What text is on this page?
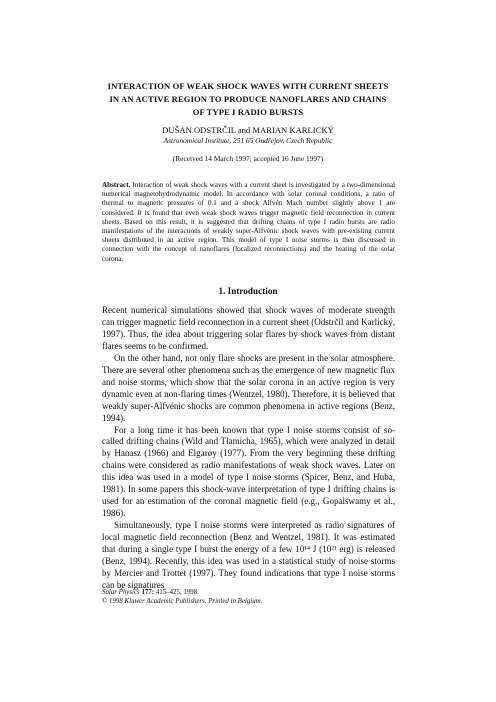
INTERACTION OF WEAK SHOCK WAVES WITH CURRENT SHEETS
IN AN ACTIVE REGION TO PRODUCE NANOFLARES AND CHAINS
OF TYPE I RADIO BURSTS
DUŠAN ODSTRČIL and MARIAN KARLICKÝ
Astronomical Institute, 251 65 Ondřejov, Czech Republic
(Received 14 March 1997; accepted 16 June 1997)
Abstract. Interaction of weak shock waves with a current sheet is investigated by a two-dimensional numerical magnetohydrodynamic model. In accordance with solar coronal conditions, a ratio of thermal to magnetic pressures of 0.1 and a shock Alfvén Mach number slightly above 1 are considered. It is found that even weak shock waves trigger magnetic field reconnection in current sheets. Based on this result, it is suggested that drifting chains of type I radio bursts are radio manifestations of the interactions of weakly super-Alfvénic shock waves with pre-existing current sheets distributed in an active region. This model of type I noise storms is then discussed in connection with the concept of nanoflares (localized reconnections) and the heating of the solar corona.
1. Introduction

Recent numerical simulations showed that shock waves of moderate strength can trigger magnetic field reconnection in a current sheet (Odstrčil and Karlický, 1997). Thus, the idea about triggering solar flares by shock waves from distant flares seems to be confirmed.

On the other hand, not only flare shocks are present in the solar atmosphere. There are several other phenomena such as the emergence of new magnetic flux and noise storms, which show that the solar corona in an active region is very dynamic even at non-flaring times (Wentzel, 1980). Therefore, it is believed that weakly super-Alfvénic shocks are common phenomena in active regions (Benz, 1994).

For a long time it has been known that type I noise storms consist of so-called drifting chains (Wild and Tlamicha, 1965), which were analyzed in detail by Hanasz (1966) and Elgarøy (1977). From the very beginning these drifting chains were considered as radio manifestations of weak shock waves. Later on this idea was used in a model of type I noise storms (Spicer, Benz, and Huba, 1981). In some papers this shock-wave interpretation of type I drifting chains is used for an estimation of the coronal magnetic field (e.g., Gopalswamy et al., 1986).

Simultaneously, type I noise storms were interpreted as radio signatures of local magnetic field reconnection (Benz and Wentzel, 1981). It was estimated that during a single type I burst the energy of a few 10¹⁴ J (10²¹ erg) is released (Benz, 1994). Recently, this idea was used in a statistical study of noise storms by Mercier and Trottet (1997). They found indications that type I noise storms can be signatures

Solar Physics 177: 415–425, 1998.
© 1998 Kluwer Academic Publishers. Printed in Belgium.
